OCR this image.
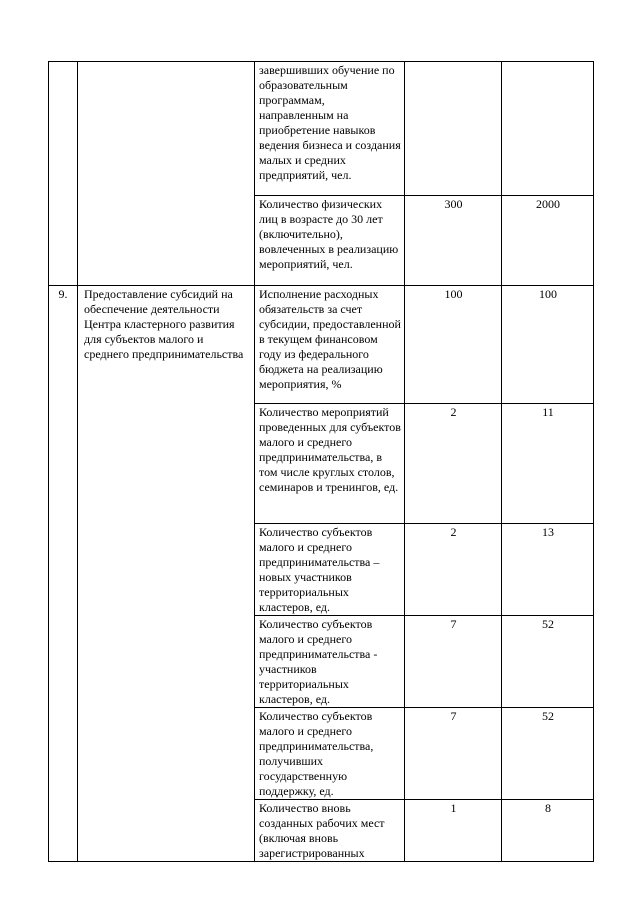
		завершивших обучение по образовательным программам, направленным на приобретение навыков ведения бизнеса и создания малых и средних предприятий, чел.		
		Количество физических лиц в возрасте до 30 лет (включительно), вовлеченных в реализацию мероприятий, чел.	300	2000
9.	Предоставление субсидий на обеспечение деятельности Центра кластерного развития для субъектов малого и среднего предпринимательства	Исполнение расходных обязательств за счет субсидии, предоставленной в текущем финансовом году из федерального бюджета на реализацию мероприятия, %	100	100
		Количество мероприятий проведенных для субъектов малого и среднего предпринимательства, в том числе круглых столов, семинаров и тренингов, ед.	2	11
		Количество субъектов малого и среднего предпринимательства – новых участников территориальных кластеров, ед.	2	13
		Количество субъектов малого и среднего предпринимательства - участников территориальных кластеров, ед.	7	52
		Количество субъектов малого и среднего предпринимательства, получивших государственную поддержку, ед.	7	52
		Количество вновь созданных рабочих мест (включая вновь зарегистрированных	1	8
